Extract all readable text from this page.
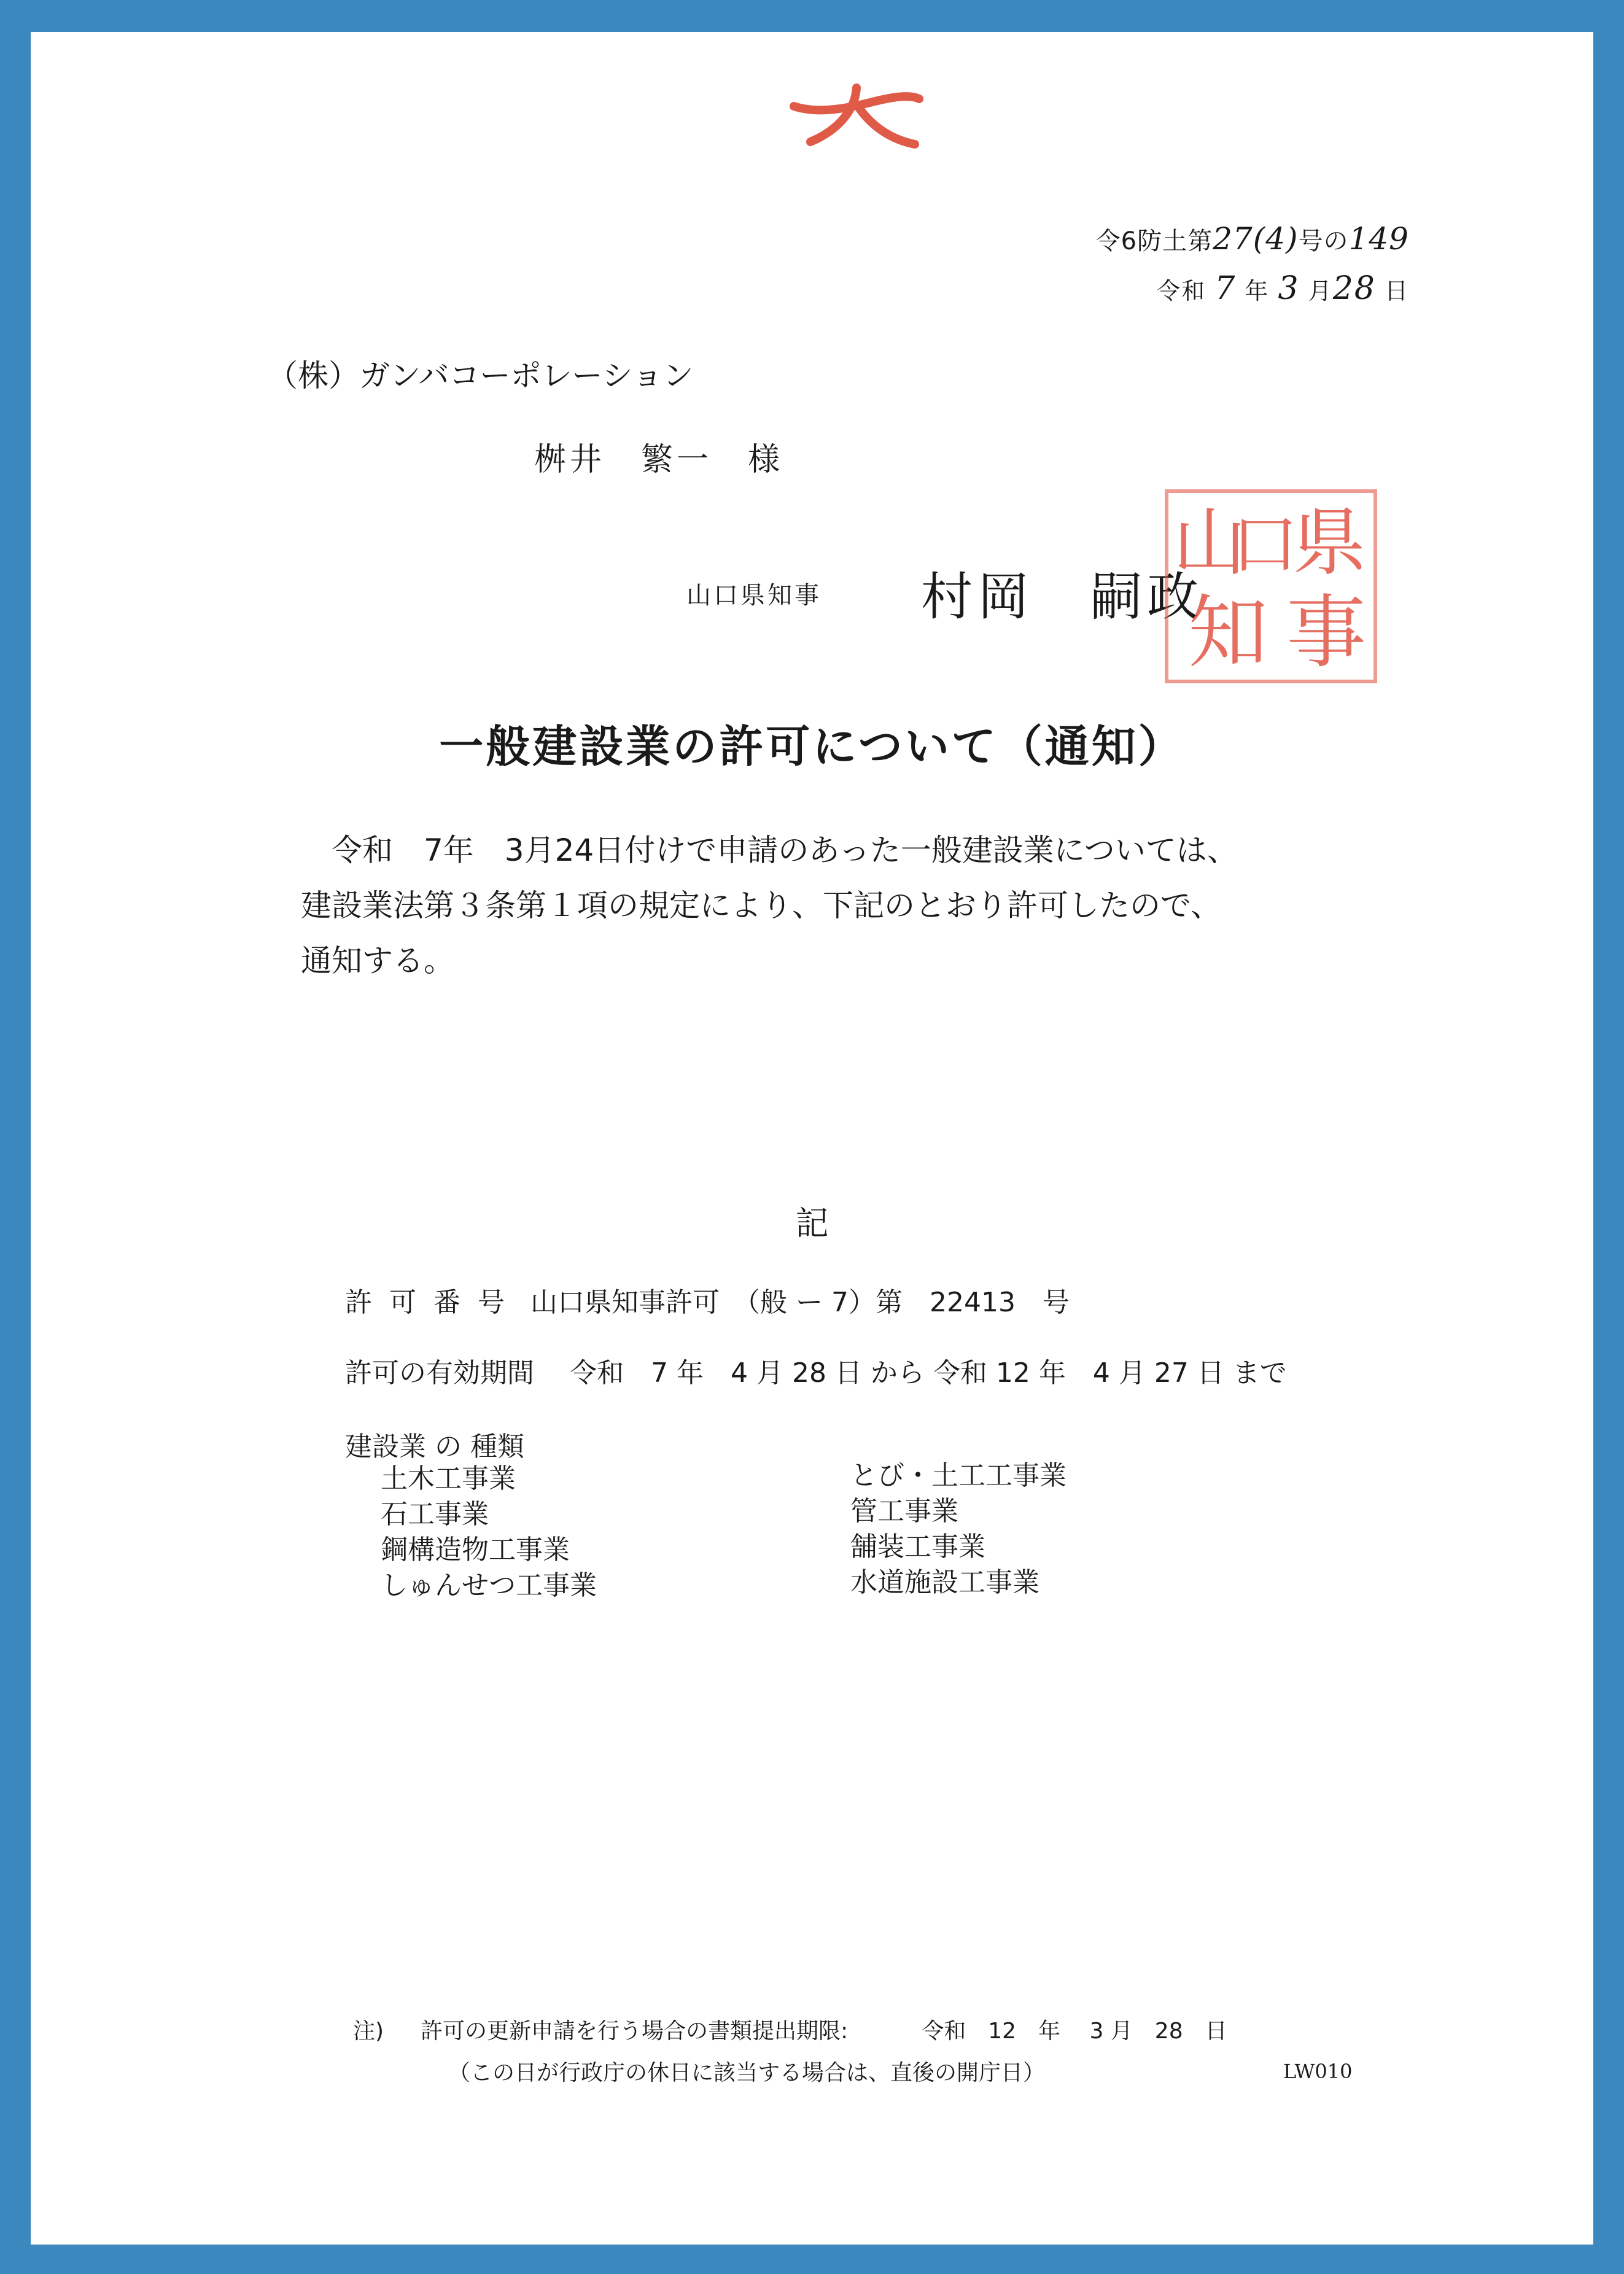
令6防土第27(4)号の149
令和 7 年 3 月28 日
（株）ガンバコーポレーション
桝井　繁一　様
山口県知事 村岡　嗣政
山
口
県
知 事
一般建設業の許可について（通知）
令和　7年　3月24日付けで申請のあった一般建設業については、
建設業法第３条第１項の規定により、下記のとおり許可したので、
通知する。
記
許可番号 山口県知事許可　（般 ー 7）第　22413　号
許可の有効期間 令和　7 年　4 月 28 日 から 令和 12 年　4 月 27 日 まで
建設業 の 種類
土木工事業
石工事業
鋼構造物工事業
しゅんせつ工事業
とび・土工工事業
管工事業
舗装工事業
水道施設工事業
注) 許可の更新申請を行う場合の書類提出期限:	令和　12　年　 3 月　28　日
（この日が行政庁の休日に該当する場合は、直後の開庁日）	LW010
